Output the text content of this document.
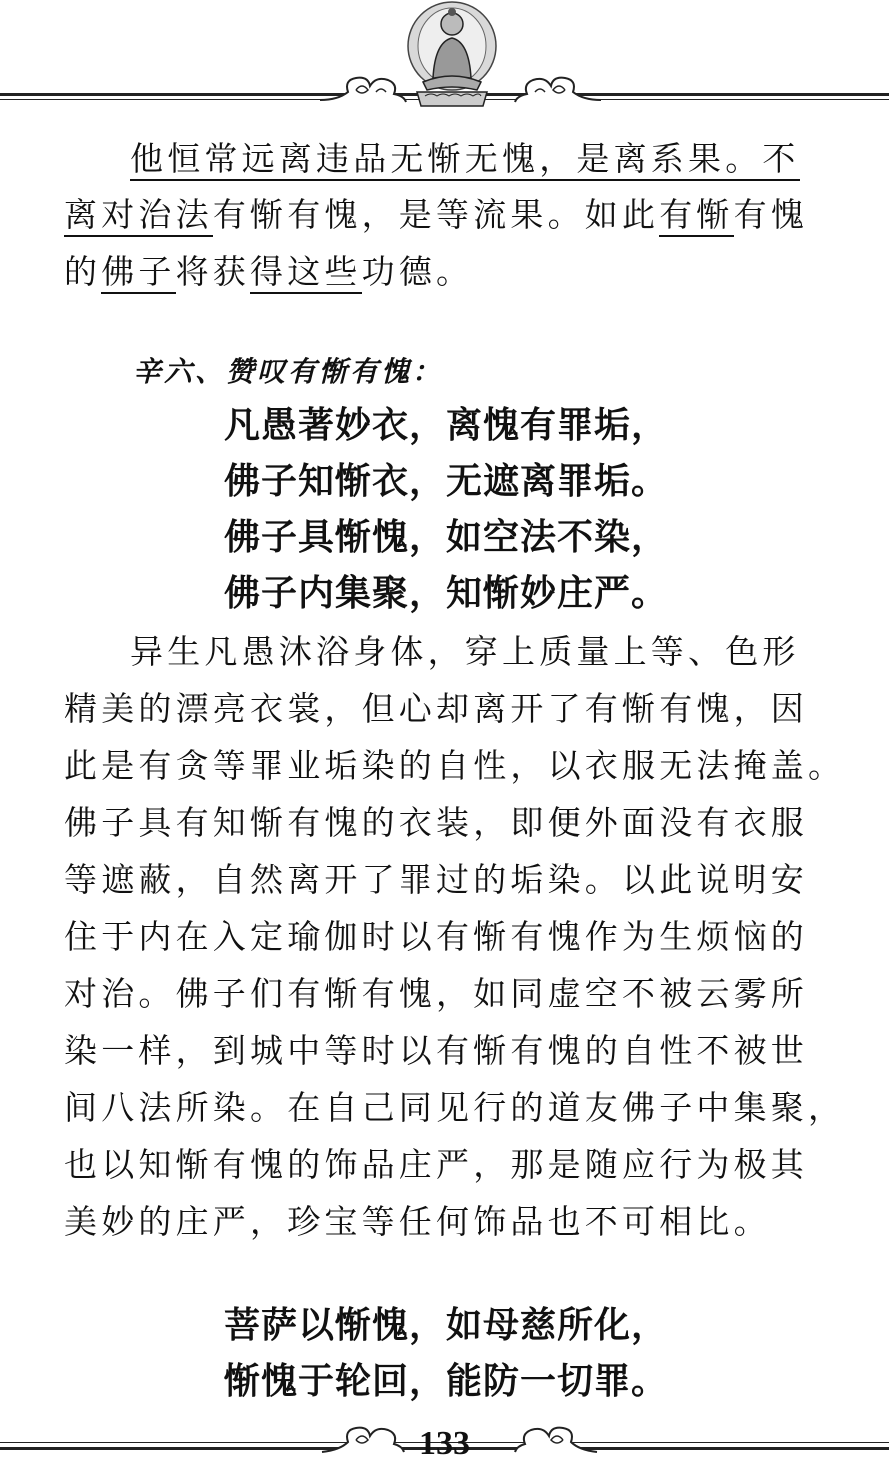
他恒常远离违品无惭无愧，是离系果。不

离对治法有惭有愧，是等流果。如此有惭有愧

的佛子将获得这些功德。

辛六、赞叹有惭有愧：
凡愚著妙衣，离愧有罪垢，
佛子知惭衣，无遮离罪垢。
佛子具惭愧，如空法不染，
佛子内集聚，知惭妙庄严。

异生凡愚沐浴身体，穿上质量上等、色形

精美的漂亮衣裳，但心却离开了有惭有愧，因

此是有贪等罪业垢染的自性，以衣服无法掩盖。

佛子具有知惭有愧的衣装，即便外面没有衣服

等遮蔽，自然离开了罪过的垢染。以此说明安

住于内在入定瑜伽时以有惭有愧作为生烦恼的

对治。佛子们有惭有愧，如同虚空不被云雾所

染一样，到城中等时以有惭有愧的自性不被世

间八法所染。在自己同见行的道友佛子中集聚，

也以知惭有愧的饰品庄严，那是随应行为极其

美妙的庄严，珍宝等任何饰品也不可相比。

菩萨以惭愧，如母慈所化，
惭愧于轮回，能防一切罪。
133
